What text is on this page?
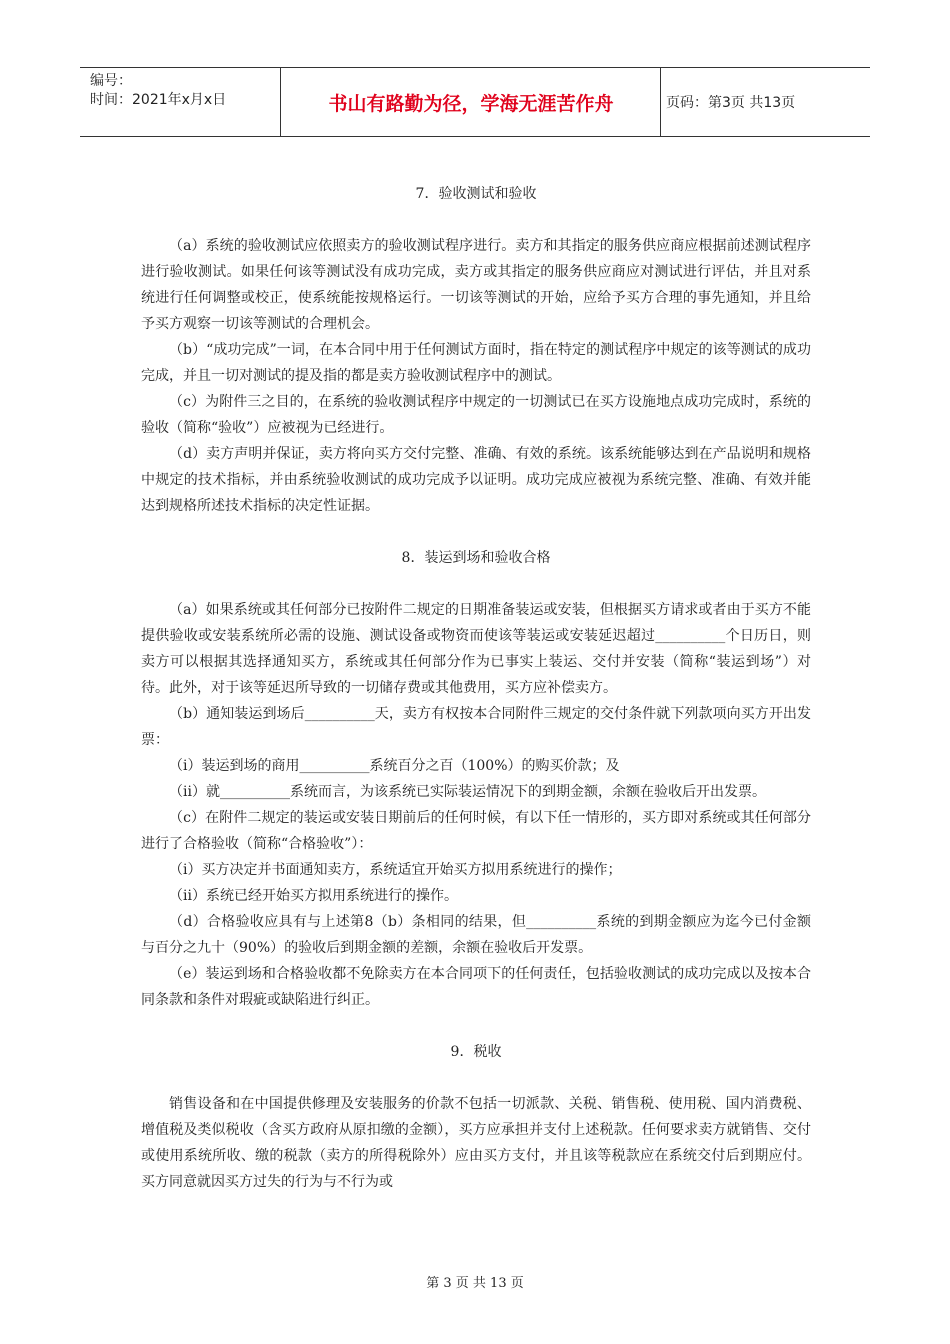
编号：
时间：2021年x月x日	书山有路勤为径，学海无涯苦作舟	页码：第3页 共13页

7．验收测试和验收

（a）系统的验收测试应依照卖方的验收测试程序进行。卖方和其指定的服务供应商应根据前述测试程序进行验收测试。如果任何该等测试没有成功完成，卖方或其指定的服务供应商应对测试进行评估，并且对系统进行任何调整或校正，使系统能按规格运行。一切该等测试的开始，应给予买方合理的事先通知，并且给予买方观察一切该等测试的合理机会。

（b）“成功完成”一词，在本合同中用于任何测试方面时，指在特定的测试程序中规定的该等测试的成功完成，并且一切对测试的提及指的都是卖方验收测试程序中的测试。

（c）为附件三之目的，在系统的验收测试程序中规定的一切测试已在买方设施地点成功完成时，系统的验收（简称“验收”）应被视为已经进行。

（d）卖方声明并保证，卖方将向买方交付完整、准确、有效的系统。该系统能够达到在产品说明和规格中规定的技术指标，并由系统验收测试的成功完成予以证明。成功完成应被视为系统完整、准确、有效并能达到规格所述技术指标的决定性证据。

8．装运到场和验收合格

（a）如果系统或其任何部分已按附件二规定的日期准备装运或安装，但根据买方请求或者由于买方不能提供验收或安装系统所必需的设施、测试设备或物资而使该等装运或安装延迟超过__________个日历日，则卖方可以根据其选择通知买方，系统或其任何部分作为已事实上装运、交付并安装（简称“装运到场”）对待。此外，对于该等延迟所导致的一切储存费或其他费用，买方应补偿卖方。

（b）通知装运到场后__________天，卖方有权按本合同附件三规定的交付条件就下列款项向买方开出发票：

（i）装运到场的商用__________系统百分之百（100%）的购买价款；及

（ii）就__________系统而言，为该系统已实际装运情况下的到期金额，余额在验收后开出发票。

（c）在附件二规定的装运或安装日期前后的任何时候，有以下任一情形的，买方即对系统或其任何部分进行了合格验收（简称“合格验收”）：

（i）买方决定并书面通知卖方，系统适宜开始买方拟用系统进行的操作；

（ii）系统已经开始买方拟用系统进行的操作。

（d）合格验收应具有与上述第8（b）条相同的结果，但__________系统的到期金额应为迄今已付金额与百分之九十（90%）的验收后到期金额的差额，余额在验收后开发票。

（e）装运到场和合格验收都不免除卖方在本合同项下的任何责任，包括验收测试的成功完成以及按本合同条款和条件对瑕疵或缺陷进行纠正。

9．税收

销售设备和在中国提供修理及安装服务的价款不包括一切派款、关税、销售税、使用税、国内消费税、增值税及类似税收（含买方政府从原扣缴的金额），买方应承担并支付上述税款。任何要求卖方就销售、交付或使用系统所收、缴的税款（卖方的所得税除外）应由买方支付，并且该等税款应在系统交付后到期应付。买方同意就因买方过失的行为与不行为或

第 3 页 共 13 页
